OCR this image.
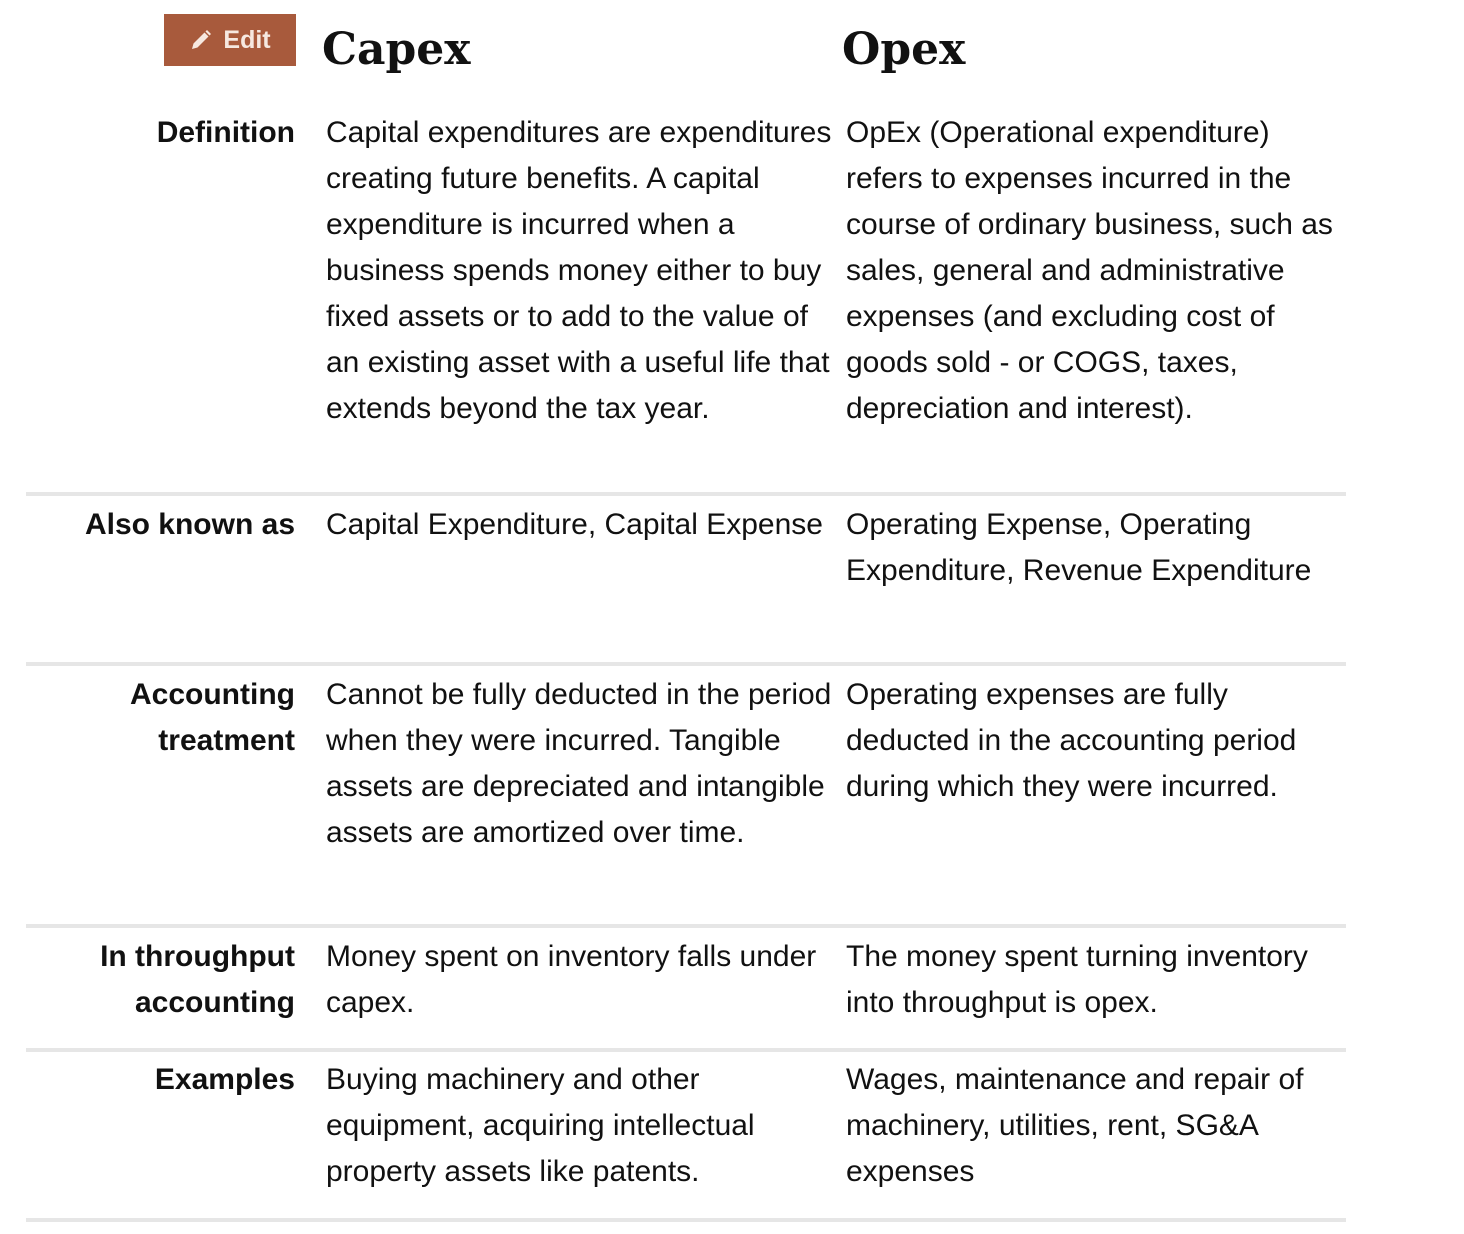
Edit Capex	Opex
Definition Capital expenditures are expenditures creating future benefits. A capital expenditure is incurred when a business spends money either to buy fixed assets or to add to the value of an existing asset with a useful life that extends beyond the tax year.
OpEx (Operational expenditure) refers to expenses incurred in the course of ordinary business, such as sales, general and administrative expenses (and excluding cost of goods sold - or COGS, taxes, depreciation and interest).
Also known as Capital Expenditure, Capital Expense Operating Expense, Operating Expenditure, Revenue Expenditure
Accounting treatment
Cannot be fully deducted in the period when they were incurred. Tangible assets are depreciated and intangible assets are amortized over time.
Operating expenses are fully deducted in the accounting period during which they were incurred.
In throughput accounting
Money spent on inventory falls under capex.
The money spent turning inventory into throughput is opex.
Examples Buying machinery and other equipment, acquiring intellectual property assets like patents.
Wages, maintenance and repair of machinery, utilities, rent, SG&A expenses
